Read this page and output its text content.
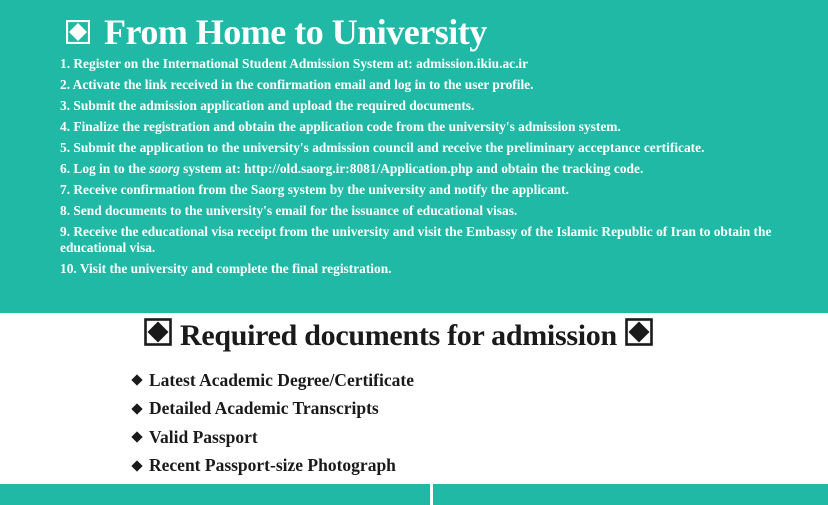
From Home to University
1. Register on the International Student Admission System at: admission.ikiu.ac.ir
2. Activate the link received in the confirmation email and log in to the user profile.
3. Submit the admission application and upload the required documents.
4. Finalize the registration and obtain the application code from the university's admission system.
5. Submit the application to the university's admission council and receive the preliminary acceptance certificate.
6. Log in to the saorg system at: http://old.saorg.ir:8081/Application.php and obtain the tracking code.
7. Receive confirmation from the Saorg system by the university and notify the applicant.
8. Send documents to the university's email for the issuance of educational visas.
9. Receive the educational visa receipt from the university and visit the Embassy of the Islamic Republic of Iran to obtain the educational visa.
10. Visit the university and complete the final registration.
Required documents for admission
Latest Academic Degree/Certificate
Detailed Academic Transcripts
Valid Passport
Recent Passport-size Photograph
